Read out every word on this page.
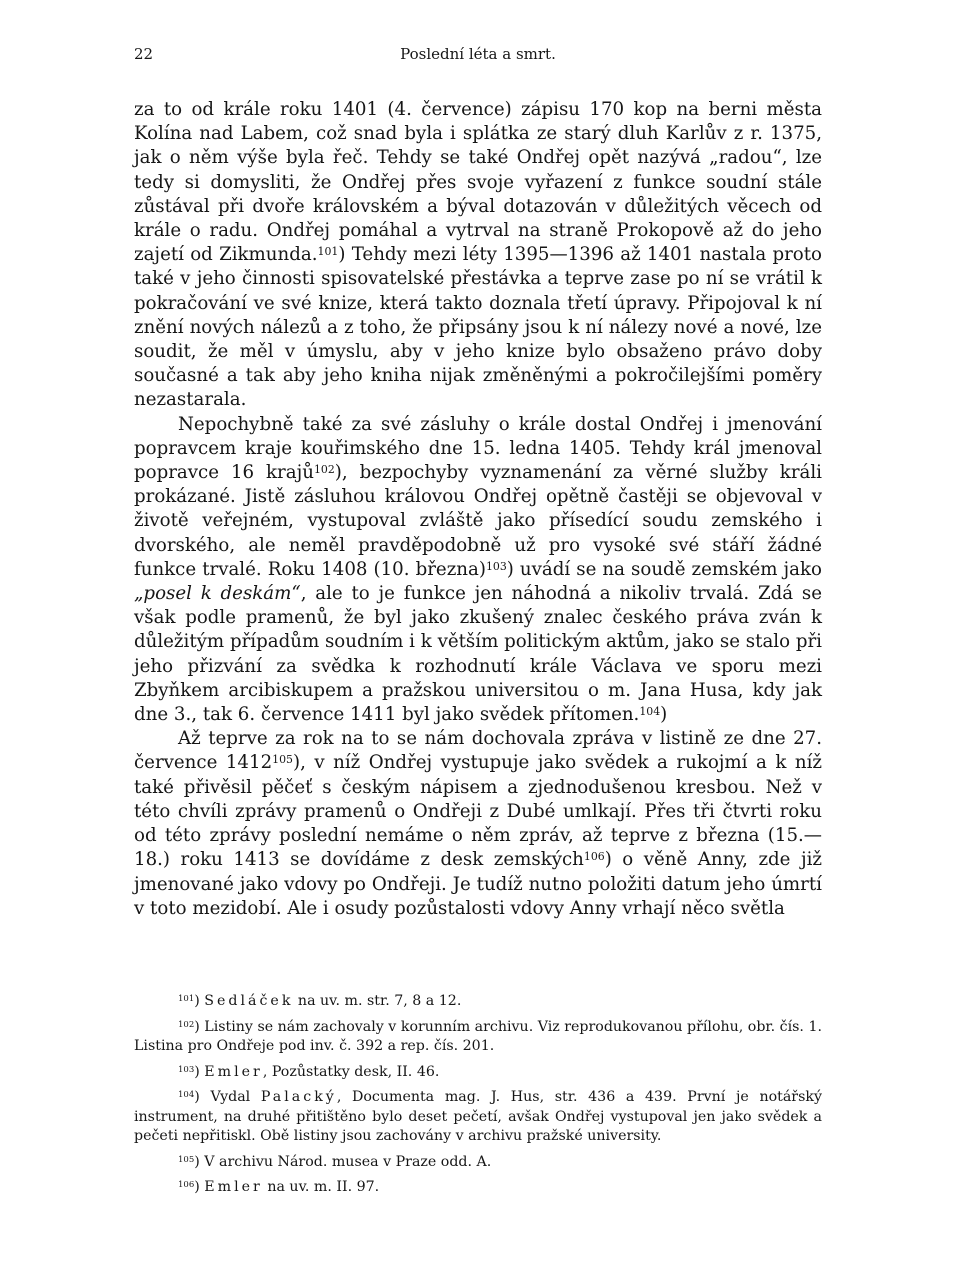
22	Poslední léta a smrt.

za to od krále roku 1401 (4. července) zápisu 170 kop na berni města Kolína nad Labem, což snad byla i splátka ze starý dluh Karlův z r. 1375, jak o něm výše byla řeč. Tehdy se také Ondřej opět nazývá „radou“, lze tedy si domysliti, že Ondřej přes svoje vyřazení z funkce soudní stále zůstával při dvoře královském a býval dotazován v důležitých věcech od krále o radu. Ondřej pomáhal a vytrval na straně Prokopově až do jeho zajetí od Zikmunda.$^{101}$) Tehdy mezi léty 1395—1396 až 1401 nastala proto také v jeho činnosti spisovatelské přestávka a teprve zase po ní se vrátil k pokračování ve své knize, která takto doznala třetí úpravy. Připojoval k ní znění nových nálezů a z toho, že připsány jsou k ní nálezy nové a nové, lze soudit, že měl v úmyslu, aby v jeho knize bylo obsaženo právo doby současné a tak aby jeho kniha nijak změněnými a pokročilejšími poměry nezastarala.

Nepochybně také za své zásluhy o krále dostal Ondřej i jmenování popravcem kraje kouřimského dne 15. ledna 1405. Tehdy král jmenoval popravce 16 krajů$^{102}$), bezpochyby vyznamenání za věrné služby králi prokázané. Jistě zásluhou královou Ondřej opětně častěji se objevoval v životě veřejném, vystupoval zvláště jako přísedící soudu zemského i dvorského, ale neměl pravděpodobně už pro vysoké své stáří žádné funkce trvalé. Roku 1408 (10. března)$^{103}$) uvádí se na soudě zemském jako „posel k deskám“, ale to je funkce jen náhodná a nikoliv trvalá. Zdá se však podle pramenů, že byl jako zkušený znalec českého práva zván k důležitým případům soudním i k větším politickým aktům, jako se stalo při jeho přizvání za svědka k rozhodnutí krále Václava ve sporu mezi Zbyňkem arcibiskupem a pražskou universitou o m. Jana Husa, kdy jak dne 3., tak 6. července 1411 byl jako svědek přítomen.$^{104}$)

Až teprve za rok na to se nám dochovala zpráva v listině ze dne 27. července 1412$^{105}$), v níž Ondřej vystupuje jako svědek a rukojmí a k níž také přivěsil pěčeť s českým nápisem a zjednodušenou kresbou. Než v této chvíli zprávy pramenů o Ondřeji z Dubé umlkají. Přes tři čtvrti roku od této zprávy poslední nemáme o něm zpráv, až teprve z března (15.—18.) roku 1413 se dovídáme z desk zemských$^{106}$) o věně Anny, zde již jmenované jako vdovy po Ondřeji. Je tudíž nutno položiti datum jeho úmrtí v toto mezidobí. Ale i osudy pozůstalosti vdovy Anny vrhají něco světla

$^{101}$) Sedláček na uv. m. str. 7, 8 a 12.

$^{102}$) Listiny se nám zachovaly v korunním archivu. Viz reprodukovanou přílohu, obr. čís. 1. Listina pro Ondřeje pod inv. č. 392 a rep. čís. 201.

$^{103}$) Emler, Pozůstatky desk, II. 46.

$^{104}$) Vydal Palacký, Documenta mag. J. Hus, str. 436 a 439. První je notářský instrument, na druhé přitištěno bylo deset pečetí, avšak Ondřej vystupoval jen jako svědek a pečeti nepřitiskl. Obě listiny jsou zachovány v archivu pražské university.

$^{105}$) V archivu Národ. musea v Praze odd. A.

$^{106}$) Emler na uv. m. II. 97.
